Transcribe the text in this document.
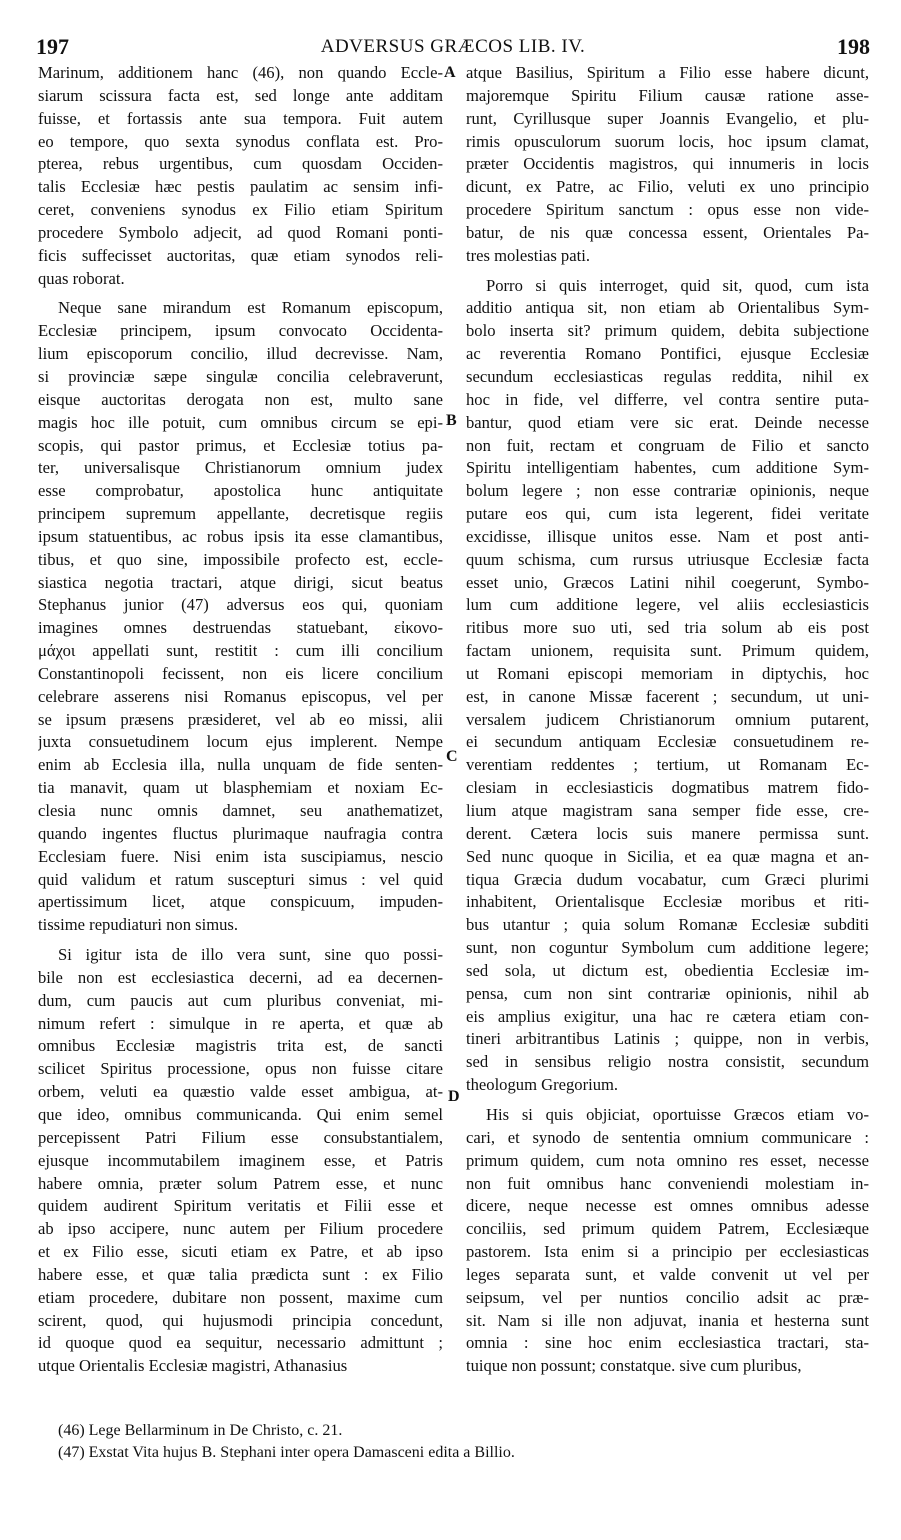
197	ADVERSUS GRÆCOS LIB. IV.	198
Marinum, additionem hanc (46), non quando Eccle-
siarum scissura facta est, sed longe ante additam
fuisse, et fortassis ante sua tempora. Fuit autem
eo tempore, quo sexta synodus conflata est. Pro-
pterea, rebus urgentibus, cum quosdam Occiden-
talis Ecclesiæ hæc pestis paulatim ac sensim infi-
ceret, conveniens synodus ex Filio etiam Spiritum
procedere Symbolo adjecit, ad quod Romani ponti-
ficis suffecisset auctoritas, quæ etiam synodos reli-
quas roborat.
Neque sane mirandum est Romanum episcopum,
Ecclesiæ principem, ipsum convocato Occidenta-
lium episcoporum concilio, illud decrevisse. Nam,
si provinciæ sæpe singulæ concilia celebraverunt,
eisque auctoritas derogata non est, multo sane
magis hoc ille potuit, cum omnibus circum se epi-
scopis, qui pastor primus, et Ecclesiæ totius pa-
ter, universalisque Christianorum omnium judex
esse comprobatur, apostolica hunc antiquitate
principem supremum appellante, decretisque regiis
ipsum statuentibus, ac robus ipsis ita esse clamantibus,
tibus, et quo sine, impossibile profecto est, eccle-
siastica negotia tractari, atque dirigi, sicut beatus
Stephanus junior (47) adversus eos qui, quoniam
imagines omnes destruendas statuebant, εἰκονο-
μάχοι appellati sunt, restitit : cum illi concilium
Constantinopoli fecissent, non eis licere concilium
celebrare asserens nisi Romanus episcopus, vel per
se ipsum præsens præsideret, vel ab eo missi, alii
juxta consuetudinem locum ejus implerent. Nempe
enim ab Ecclesia illa, nulla unquam de fide senten-
tia manavit, quam ut blasphemiam et noxiam Ec-
clesia nunc omnis damnet, seu anathematizet,
quando ingentes fluctus plurimaque naufragia contra
Ecclesiam fuere. Nisi enim ista suscipiamus, nescio
quid validum et ratum suscepturi simus : vel quid
apertissimum licet, atque conspicuum, impuden-
tissime repudiaturi non simus.
Si igitur ista de illo vera sunt, sine quo possi-
bile non est ecclesiastica decerni, ad ea decernen-
dum, cum paucis aut cum pluribus conveniat, mi-
nimum refert : simulque in re aperta, et quæ ab
omnibus Ecclesiæ magistris trita est, de sancti
scilicet Spiritus processione, opus non fuisse citare
orbem, veluti ea quæstio valde esset ambigua, at-
que ideo, omnibus communicanda. Qui enim semel
percepissent Patri Filium esse consubstantialem,
ejusque incommutabilem imaginem esse, et Patris
habere omnia, præter solum Patrem esse, et nunc
quidem audirent Spiritum veritatis et Filii esse et
ab ipso accipere, nunc autem per Filium procedere
et ex Filio esse, sicuti etiam ex Patre, et ab ipso
habere esse, et quæ talia prædicta sunt : ex Filio
etiam procedere, dubitare non possent, maxime cum
scirent, quod, qui hujusmodi principia concedunt,
id quoque quod ea sequitur, necessario admittunt ;
utque Orientalis Ecclesiæ magistri, Athanasius
atque Basilius, Spiritum a Filio esse habere dicunt,
majoremque Spiritu Filium causæ ratione asse-
runt, Cyrillusque super Joannis Evangelio, et plu-
rimis opusculorum suorum locis, hoc ipsum clamat,
præter Occidentis magistros, qui innumeris in locis
dicunt, ex Patre, ac Filio, veluti ex uno principio
procedere Spiritum sanctum : opus esse non vide-
batur, de nis quæ concessa essent, Orientales Pa-
tres molestias pati.
Porro si quis interroget, quid sit, quod, cum ista
additio antiqua sit, non etiam ab Orientalibus Sym-
bolo inserta sit? primum quidem, debita subjectione
ac reverentia Romano Pontifici, ejusque Ecclesiæ
secundum ecclesiasticas regulas reddita, nihil ex
hoc in fide, vel differre, vel contra sentire puta-
bantur, quod etiam vere sic erat. Deinde necesse
non fuit, rectam et congruam de Filio et sancto
Spiritu intelligentiam habentes, cum additione Sym-
bolum legere ; non esse contrariæ opinionis, neque
putare eos qui, cum ista legerent, fidei veritate
excidisse, illisque unitos esse. Nam et post anti-
quum schisma, cum rursus utriusque Ecclesiæ facta
esset unio, Græcos Latini nihil coegerunt, Symbo-
lum cum additione legere, vel aliis ecclesiasticis
ritibus more suo uti, sed tria solum ab eis post
factam unionem, requisita sunt. Primum quidem,
ut Romani episcopi memoriam in diptychis, hoc
est, in canone Missæ facerent ; secundum, ut uni-
versalem judicem Christianorum omnium putarent,
ei secundum antiquam Ecclesiæ consuetudinem re-
verentiam reddentes ; tertium, ut Romanam Ec-
clesiam in ecclesiasticis dogmatibus matrem fido-
lium atque magistram sana semper fide esse, cre-
derent. Cætera locis suis manere permissa sunt.
Sed nunc quoque in Sicilia, et ea quæ magna et an-
tiqua Græcia dudum vocabatur, cum Græci plurimi
inhabitent, Orientalisque Ecclesiæ moribus et riti-
bus utantur ; quia solum Romanæ Ecclesiæ subditi
sunt, non coguntur Symbolum cum additione legere;
sed sola, ut dictum est, obedientia Ecclesiæ im-
pensa, cum non sint contrariæ opinionis, nihil ab
eis amplius exigitur, una hac re cætera etiam con-
tineri arbitrantibus Latinis ; quippe, non in verbis,
sed in sensibus religio nostra consistit, secundum
theologum Gregorium.
His si quis objiciat, oportuisse Græcos etiam vo-
cari, et synodo de sententia omnium communicare :
primum quidem, cum nota omnino res esset, necesse
non fuit omnibus hanc conveniendi molestiam in-
dicere, neque necesse est omnes omnibus adesse
conciliis, sed primum quidem Patrem, Ecclesiæque
pastorem. Ista enim si a principio per ecclesiasticas
leges separata sunt, et valde convenit ut vel per
seipsum, vel per nuntios concilio adsit ac præ-
sit. Nam si ille non adjuvat, inania et hesterna sunt
omnia : sine hoc enim ecclesiastica tractari, sta-
tuique non possunt; constatque. sive cum pluribus,
A
B
C
D
(46) Lege Bellarminum in De Christo, c. 21.
(47) Exstat Vita hujus B. Stephani inter opera Damasceni edita a Billio.
